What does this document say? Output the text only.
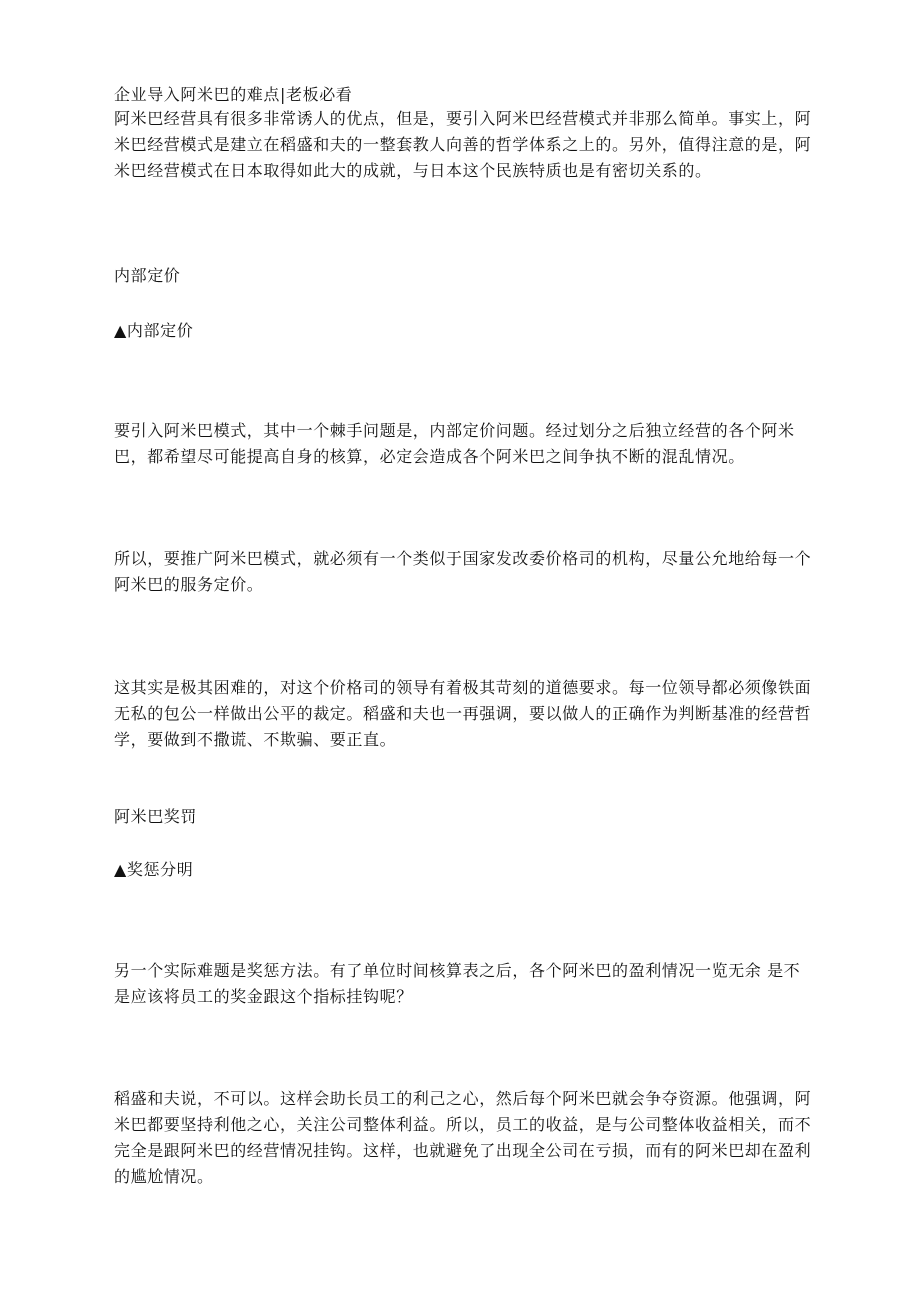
企业导入阿米巴的难点|老板必看

阿米巴经营具有很多非常诱人的优点，但是，要引入阿米巴经营模式并非那么简单。事实上，阿米巴经营模式是建立在稻盛和夫的一整套教人向善的哲学体系之上的。另外，值得注意的是，阿米巴经营模式在日本取得如此大的成就，与日本这个民族特质也是有密切关系的。

内部定价

▲内部定价

要引入阿米巴模式，其中一个棘手问题是，内部定价问题。经过划分之后独立经营的各个阿米巴，都希望尽可能提高自身的核算，必定会造成各个阿米巴之间争执不断的混乱情况。

所以，要推广阿米巴模式，就必须有一个类似于国家发改委价格司的机构，尽量公允地给每一个阿米巴的服务定价。

这其实是极其困难的，对这个价格司的领导有着极其苛刻的道德要求。每一位领导都必须像铁面无私的包公一样做出公平的裁定。稻盛和夫也一再强调，要以做人的正确作为判断基准的经营哲学，要做到不撒谎、不欺骗、要正直。

阿米巴奖罚

▲奖惩分明

另一个实际难题是奖惩方法。有了单位时间核算表之后，各个阿米巴的盈利情况一览无余 是不是应该将员工的奖金跟这个指标挂钩呢？

稻盛和夫说，不可以。这样会助长员工的利己之心，然后每个阿米巴就会争夺资源。他强调，阿米巴都要坚持利他之心，关注公司整体利益。所以，员工的收益，是与公司整体收益相关，而不完全是跟阿米巴的经营情况挂钩。这样，也就避免了出现全公司在亏损，而有的阿米巴却在盈利的尴尬情况。
